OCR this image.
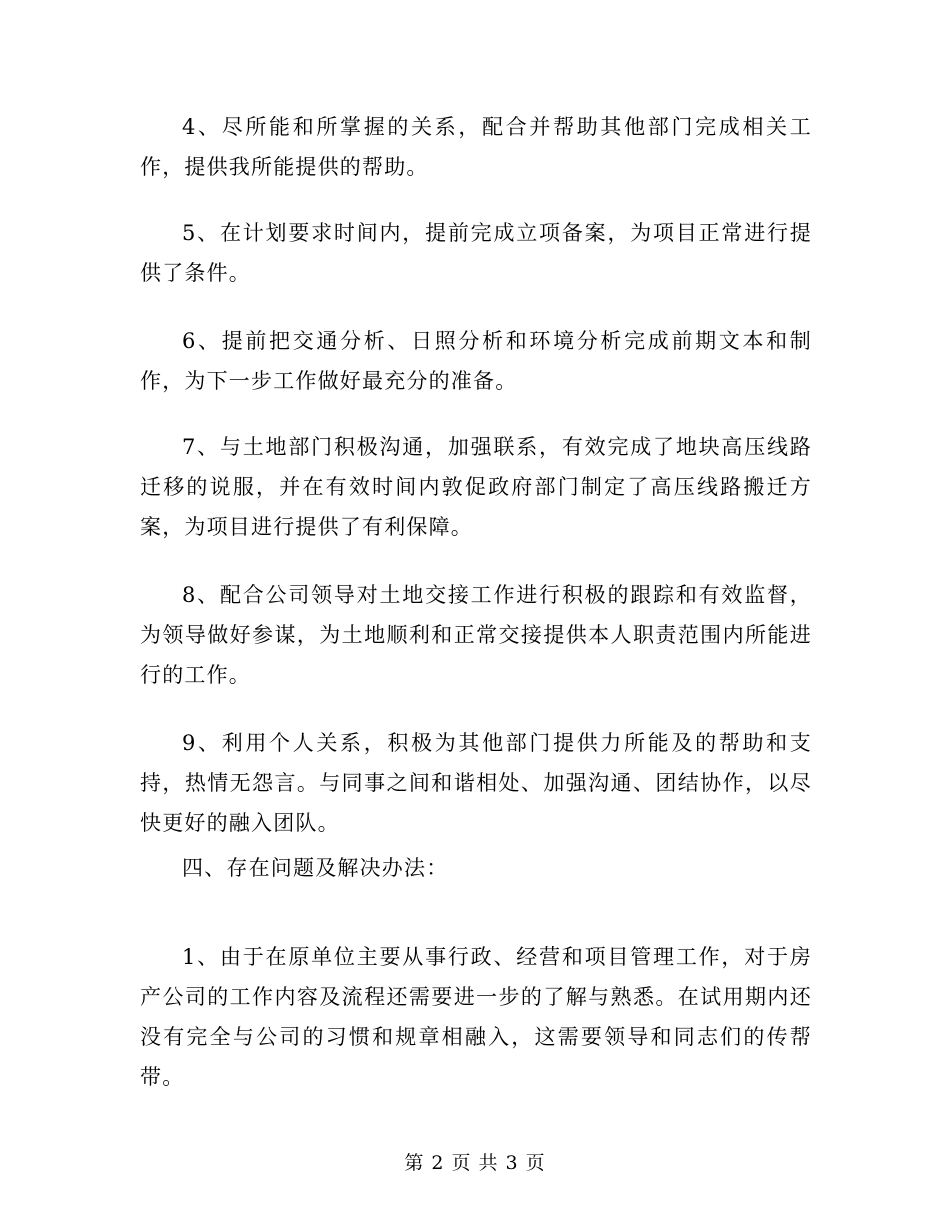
4、尽所能和所掌握的关系，配合并帮助其他部门完成相关工作，提供我所能提供的帮助。

5、在计划要求时间内，提前完成立项备案，为项目正常进行提供了条件。

6、提前把交通分析、日照分析和环境分析完成前期文本和制作，为下一步工作做好最充分的准备。

7、与土地部门积极沟通，加强联系，有效完成了地块高压线路迁移的说服，并在有效时间内敦促政府部门制定了高压线路搬迁方案，为项目进行提供了有利保障。

8、配合公司领导对土地交接工作进行积极的跟踪和有效监督，为领导做好参谋，为土地顺利和正常交接提供本人职责范围内所能进行的工作。

9、利用个人关系，积极为其他部门提供力所能及的帮助和支持，热情无怨言。与同事之间和谐相处、加强沟通、团结协作，以尽快更好的融入团队。

四、存在问题及解决办法：

1、由于在原单位主要从事行政、经营和项目管理工作，对于房产公司的工作内容及流程还需要进一步的了解与熟悉。在试用期内还没有完全与公司的习惯和规章相融入，这需要领导和同志们的传帮带。

第 2 页 共 3 页
